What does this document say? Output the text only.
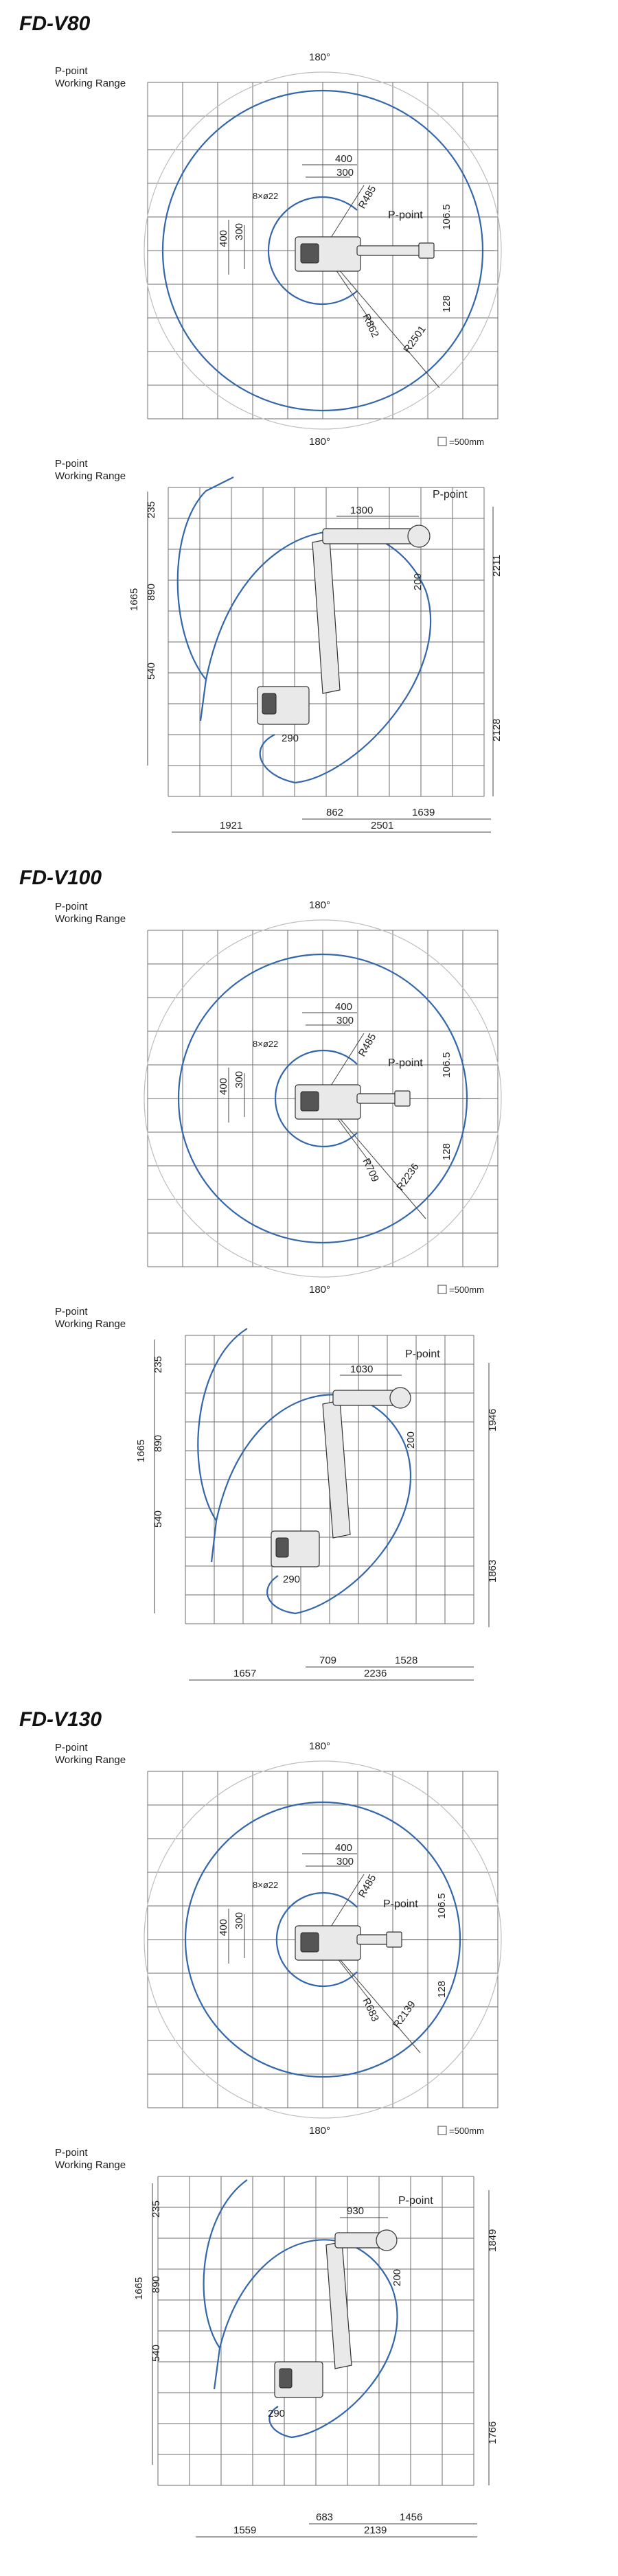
FD-V80
P-point
Working Range
180°
180°
400
300
8×ø22
400 300
R485
P-point 106.5
128
R862 R2501
=500mm
P-point
Working Range
P-point
1300
235
890
1665
540
290
200
2211
2128
862	1639
1921	2501
FD-V100
P-point
Working Range
180°
180°
400
300
8×ø22
400 300
R485
P-point 106.5
128
R709 R2236
=500mm
P-point
Working Range
P-point
1030
235
890
1665
540
290
200
1946
1863
709	1528
1657	2236
FD-V130
P-point
Working Range
180°
180°
400
300
8×ø22
400 300
R485
P-point 106.5
128
R683 R2139
=500mm
P-point
Working Range
P-point
930
235
890
1665
540
290
200
1849
1766
683	1456
1559	2139
